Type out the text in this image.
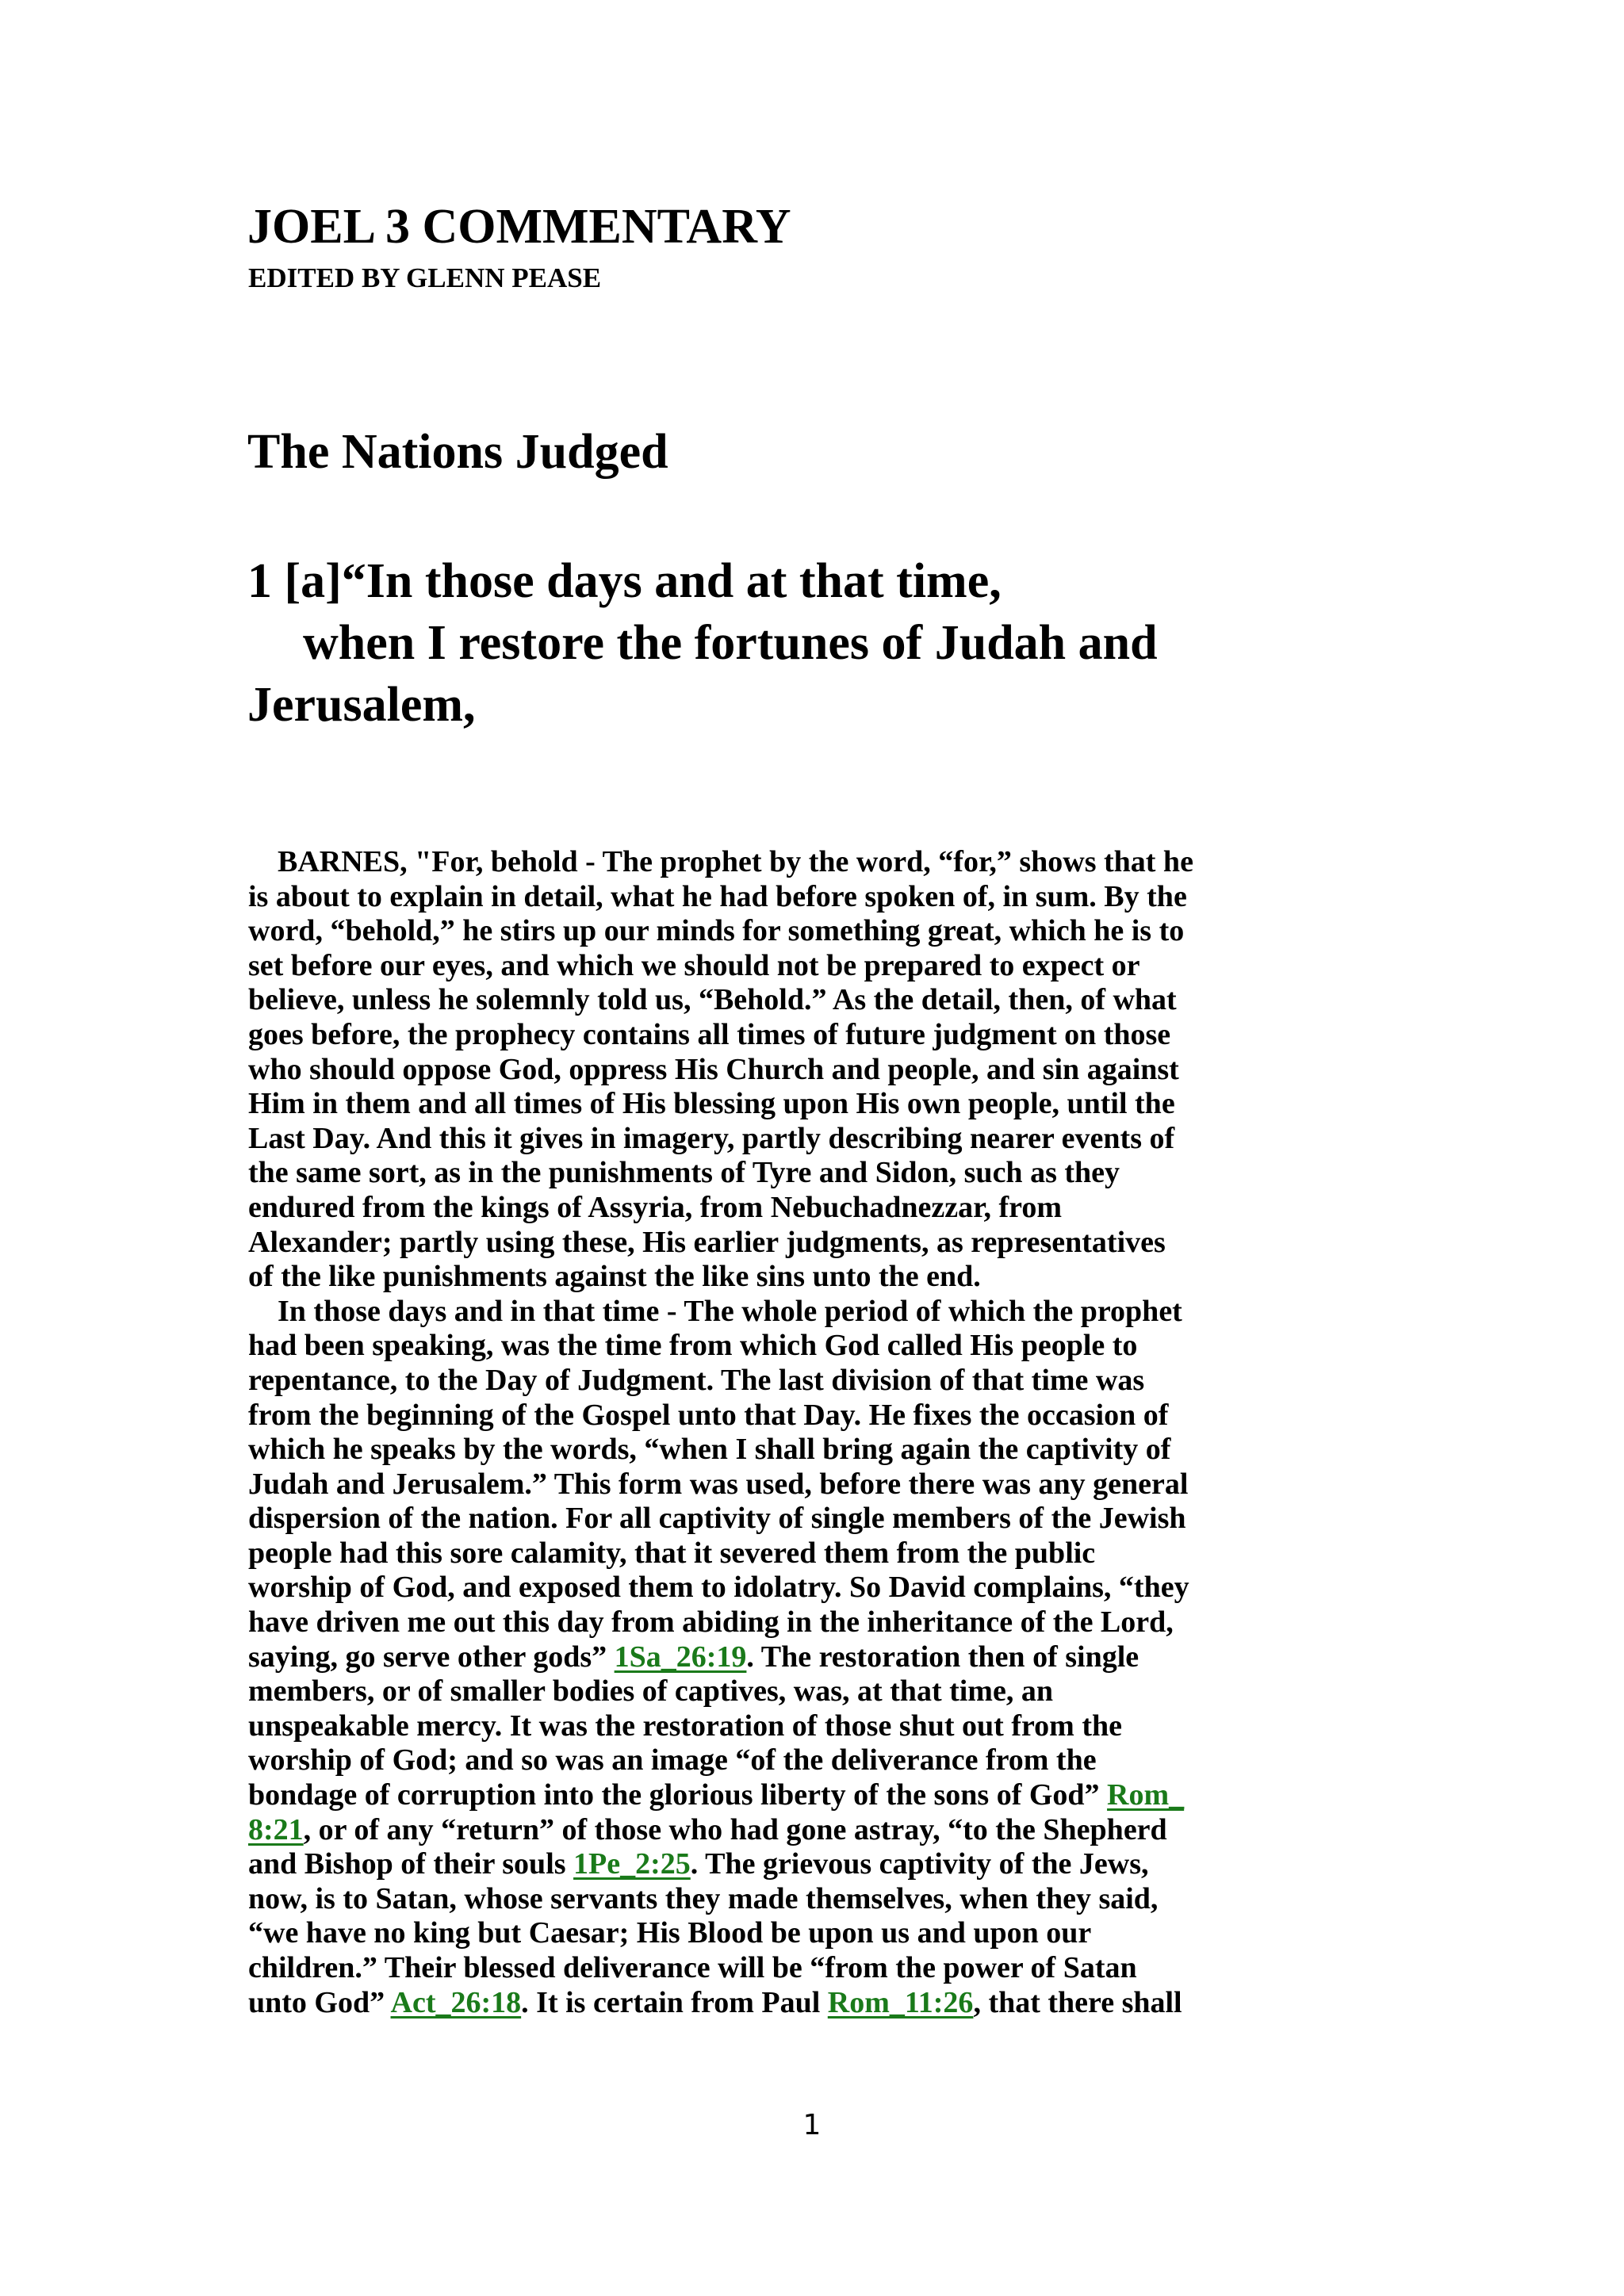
JOEL 3 COMMENTARY
EDITED BY GLENN PEASE
The Nations Judged
1 [a]“In those days and at that time,
when I restore the fortunes of Judah and
Jerusalem,
BARNES, "For, behold - The prophet by the word, “for,” shows that he
is about to explain in detail, what he had before spoken of, in sum. By the
word, “behold,” he stirs up our minds for something great, which he is to
set before our eyes, and which we should not be prepared to expect or
believe, unless he solemnly told us, “Behold.” As the detail, then, of what
goes before, the prophecy contains all times of future judgment on those
who should oppose God, oppress His Church and people, and sin against
Him in them and all times of His blessing upon His own people, until the
Last Day. And this it gives in imagery, partly describing nearer events of
the same sort, as in the punishments of Tyre and Sidon, such as they
endured from the kings of Assyria, from Nebuchadnezzar, from
Alexander; partly using these, His earlier judgments, as representatives
of the like punishments against the like sins unto the end.
In those days and in that time - The whole period of which the prophet
had been speaking, was the time from which God called His people to
repentance, to the Day of Judgment. The last division of that time was
from the beginning of the Gospel unto that Day. He fixes the occasion of
which he speaks by the words, “when I shall bring again the captivity of
Judah and Jerusalem.” This form was used, before there was any general
dispersion of the nation. For all captivity of single members of the Jewish
people had this sore calamity, that it severed them from the public
worship of God, and exposed them to idolatry. So David complains, “they
have driven me out this day from abiding in the inheritance of the Lord,
saying, go serve other gods” 1Sa_26:19. The restoration then of single
members, or of smaller bodies of captives, was, at that time, an
unspeakable mercy. It was the restoration of those shut out from the
worship of God; and so was an image “of the deliverance from the
bondage of corruption into the glorious liberty of the sons of God” Rom_
8:21, or of any “return” of those who had gone astray, “to the Shepherd
and Bishop of their souls 1Pe_2:25. The grievous captivity of the Jews,
now, is to Satan, whose servants they made themselves, when they said,
“we have no king but Caesar; His Blood be upon us and upon our
children.” Their blessed deliverance will be “from the power of Satan
unto God” Act_26:18. It is certain from Paul Rom_11:26, that there shall
1
